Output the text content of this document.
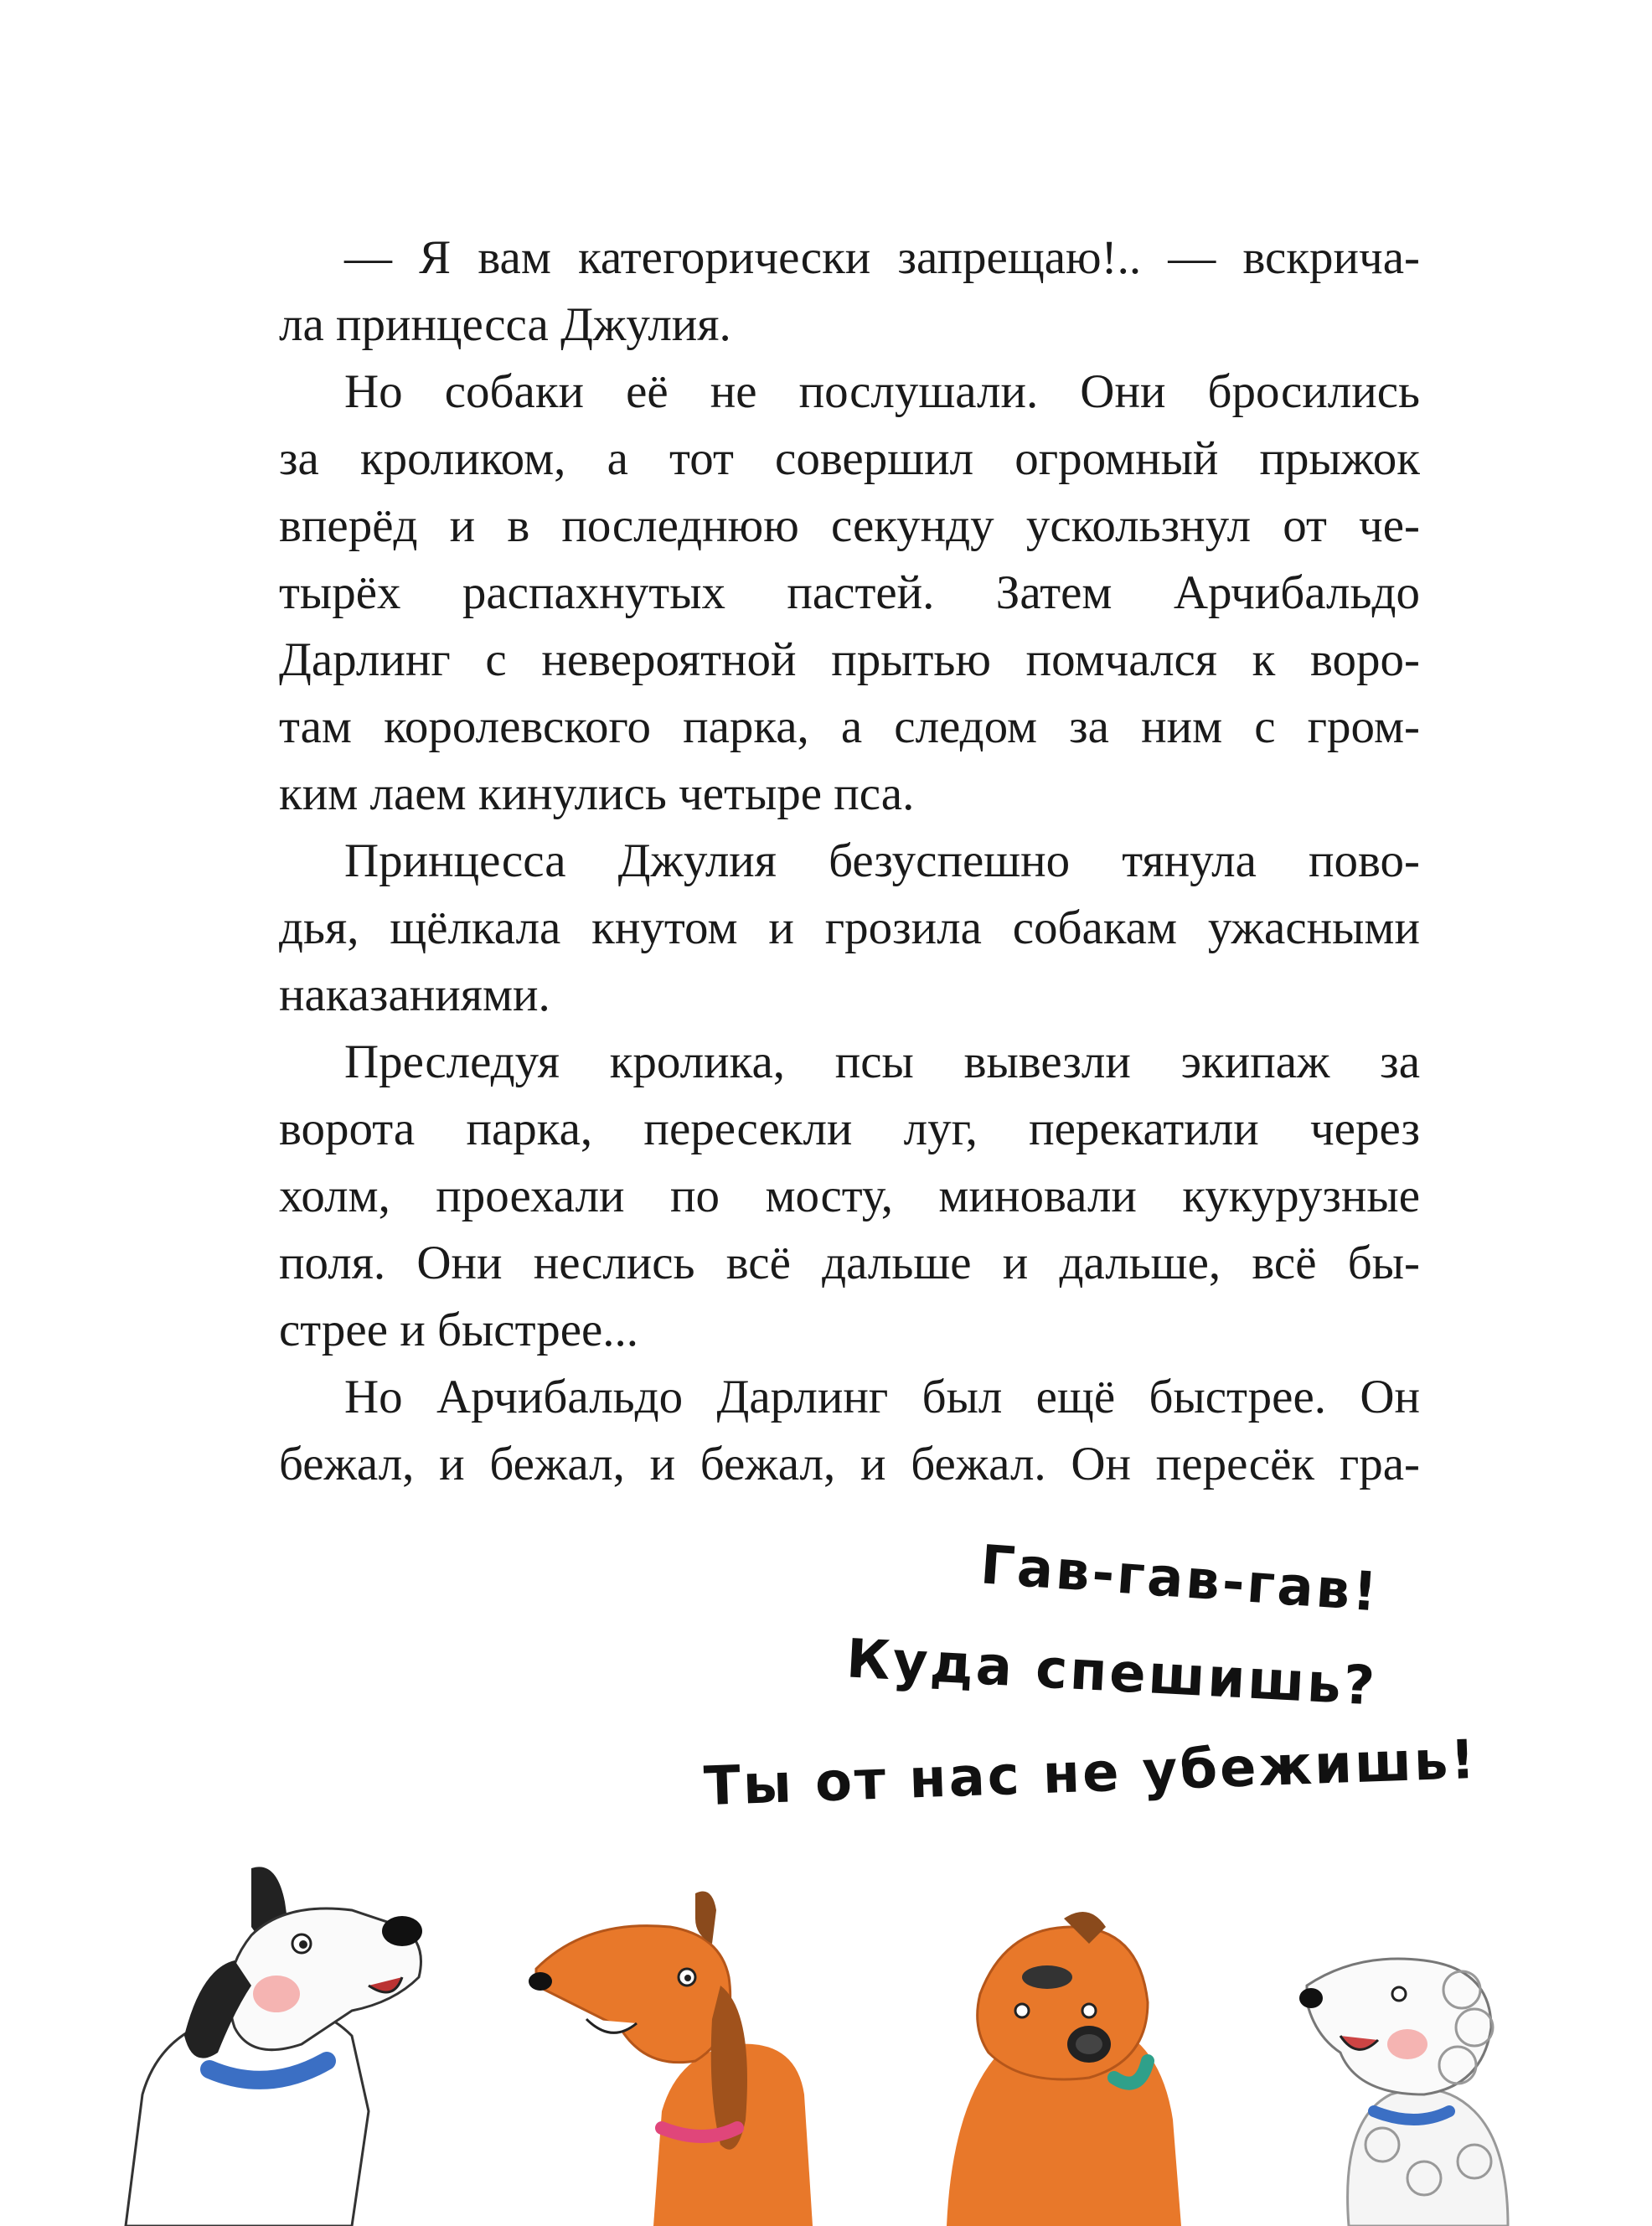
— Я вам категорически запрещаю!.. — вскрича-
ла принцесса Джулия.
Но собаки её не послушали. Они бросились
за кроликом, а тот совершил огромный прыжок
вперёд и в последнюю секунду ускользнул от че-
тырёх распахнутых пастей. Затем Арчибальдо
Дарлинг с невероятной прытью помчался к воро-
там королевского парка, а следом за ним с гром-
ким лаем кинулись четыре пса.
Принцесса Джулия безуспешно тянула пово-
дья, щёлкала кнутом и грозила собакам ужасными
наказаниями.
Преследуя кролика, псы вывезли экипаж за
ворота парка, пересекли луг, перекатили через
холм, проехали по мосту, миновали кукурузные
поля. Они неслись всё дальше и дальше, всё бы-
стрее и быстрее...
Но Арчибальдо Дарлинг был ещё быстрее. Он
бежал, и бежал, и бежал, и бежал. Он пересёк гра-
Гав-гав-гав!
Куда спешишь?
Ты от нас не убежишь!
